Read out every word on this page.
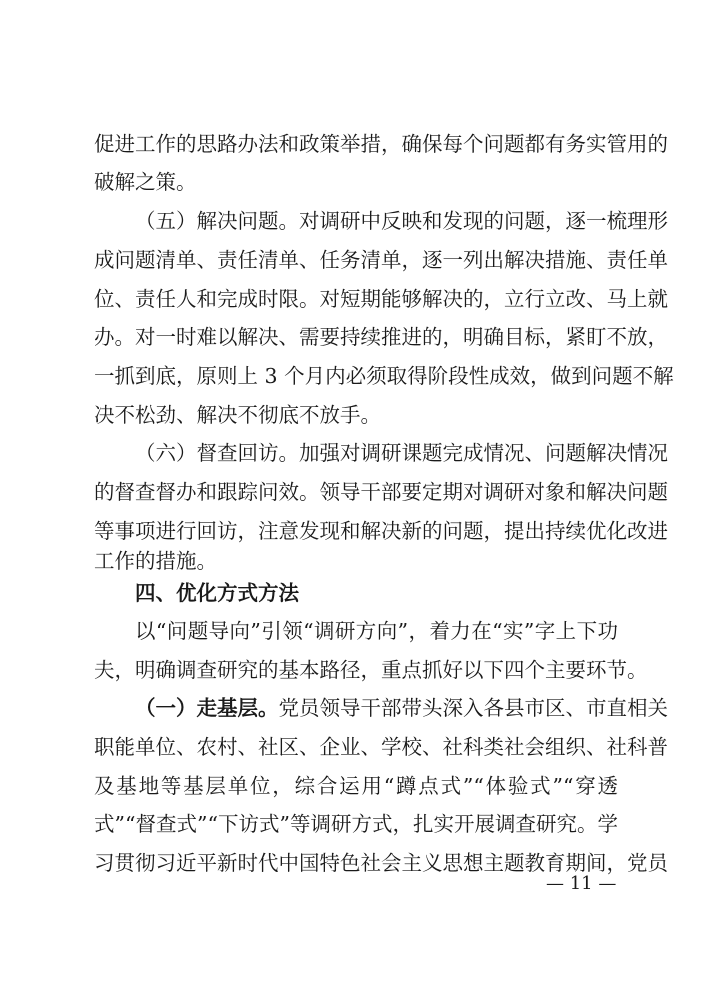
促进工作的思路办法和政策举措，确保每个问题都有务实管用的
破解之策。
（五）解决问题。对调研中反映和发现的问题，逐一梳理形
成问题清单、责任清单、任务清单，逐一列出解决措施、责任单
位、责任人和完成时限。对短期能够解决的，立行立改、马上就
办。对一时难以解决、需要持续推进的，明确目标，紧盯不放，
一抓到底，原则上 3 个月内必须取得阶段性成效，做到问题不解
决不松劲、解决不彻底不放手。
（六）督查回访。加强对调研课题完成情况、问题解决情况
的督查督办和跟踪问效。领导干部要定期对调研对象和解决问题
等事项进行回访，注意发现和解决新的问题，提出持续优化改进
工作的措施。
四、优化方式方法
以“问题导向”引领“调研方向”，着力在“实”字上下功
夫，明确调查研究的基本路径，重点抓好以下四个主要环节。
（一）走基层。党员领导干部带头深入各县市区、市直相关
职能单位、农村、社区、企业、学校、社科类社会组织、社科普
及基地等基层单位，综合运用“蹲点式”“体验式”“穿透
式”“督查式”“下访式”等调研方式，扎实开展调查研究。学
习贯彻习近平新时代中国特色社会主义思想主题教育期间，党员
— 11 —
